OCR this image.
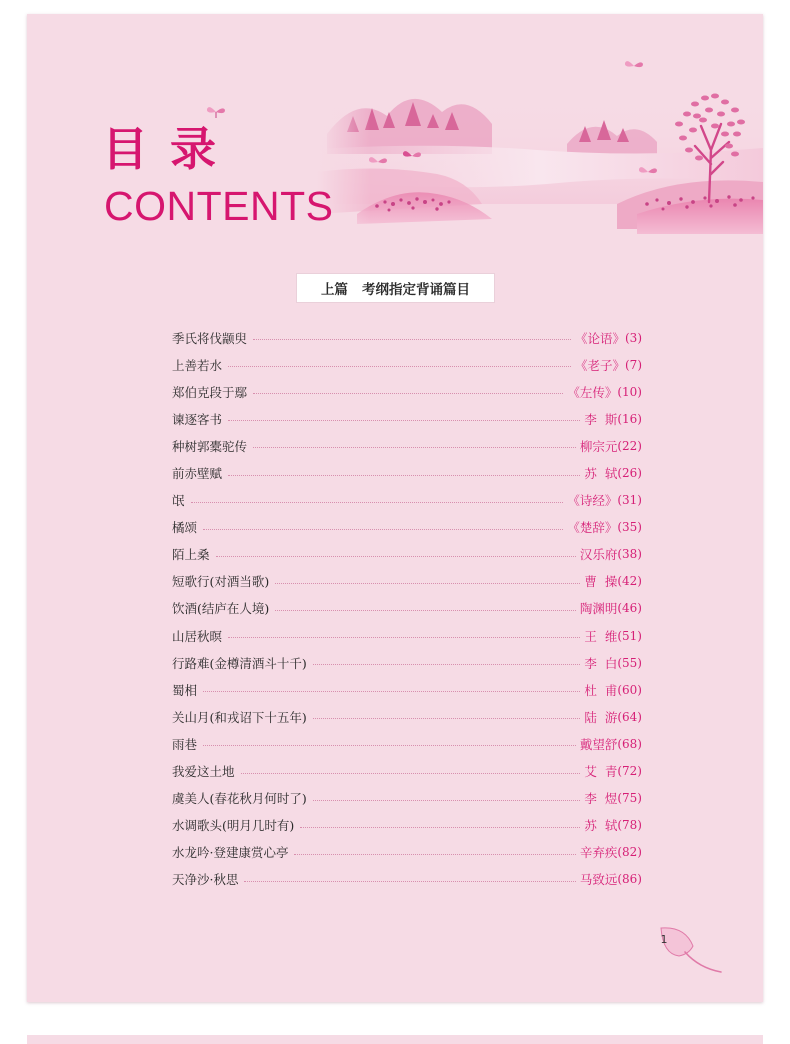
目录
CONTENTS
上篇   考纲指定背诵篇目
季氏将伐颛臾	《论语》 (3)
上善若水	《老子》 (7)
郑伯克段于鄢	《左传》 (10)
谏逐客书	李  斯 (16)
种树郭橐驼传	柳宗元 (22)
前赤壁赋	苏  轼 (26)
氓	《诗经》 (31)
橘颂	《楚辞》 (35)
陌上桑	汉乐府 (38)
短歌行(对酒当歌)	曹  操 (42)
饮酒(结庐在人境)	陶渊明 (46)
山居秋暝	王  维 (51)
行路难(金樽清酒斗十千)	李  白 (55)
蜀相	杜  甫 (60)
关山月(和戎诏下十五年)	陆  游 (64)
雨巷	戴望舒 (68)
我爱这土地	艾  青 (72)
虞美人(春花秋月何时了)	李  煜 (75)
水调歌头(明月几时有)	苏  轼 (78)
水龙吟·登建康赏心亭	辛弃疾 (82)
天净沙·秋思	马致远 (86)
1
